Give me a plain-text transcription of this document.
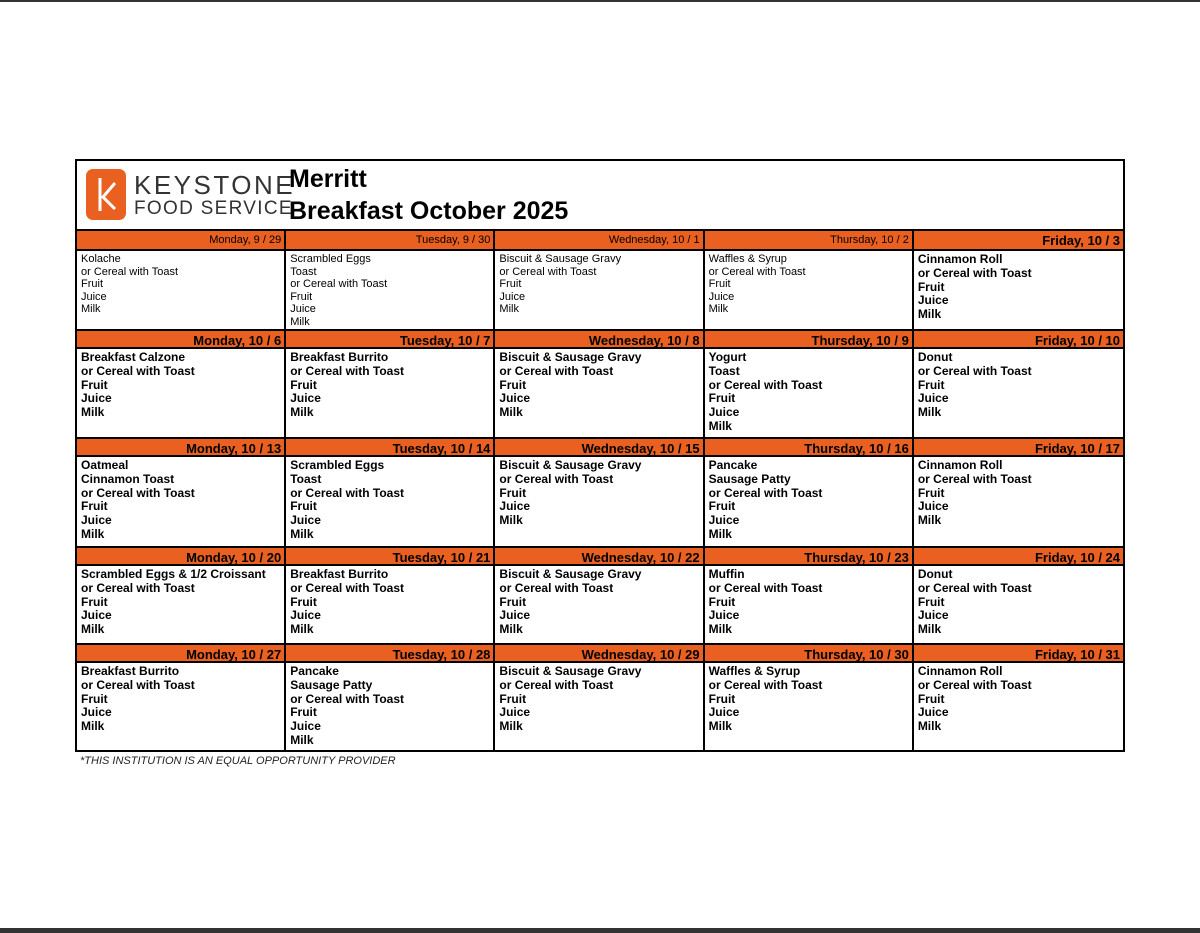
KEYSTONE
FOOD SERVICE
Merritt
Breakfast October 2025
Monday, 9 / 29
Kolache
or Cereal with Toast
Fruit
Juice
Milk
Tuesday, 9 / 30
Scrambled Eggs
Toast
or Cereal with Toast
Fruit
Juice
Milk
Wednesday, 10 / 1
Biscuit & Sausage Gravy
or Cereal with Toast
Fruit
Juice
Milk
Thursday, 10 / 2
Waffles & Syrup
or Cereal with Toast
Fruit
Juice
Milk
Friday, 10 / 3
Cinnamon Roll
or Cereal with Toast
Fruit
Juice
Milk
Monday, 10 / 6
Breakfast Calzone
or Cereal with Toast
Fruit
Juice
Milk
Tuesday, 10 / 7
Breakfast Burrito
or Cereal with Toast
Fruit
Juice
Milk
Wednesday, 10 / 8
Biscuit & Sausage Gravy
or Cereal with Toast
Fruit
Juice
Milk
Thursday, 10 / 9
Yogurt
Toast
or Cereal with Toast
Fruit
Juice
Milk
Friday, 10 / 10
Donut
or Cereal with Toast
Fruit
Juice
Milk
Monday, 10 / 13
Oatmeal
Cinnamon Toast
or Cereal with Toast
Fruit
Juice
Milk
Tuesday, 10 / 14
Scrambled Eggs
Toast
or Cereal with Toast
Fruit
Juice
Milk
Wednesday, 10 / 15
Biscuit & Sausage Gravy
or Cereal with Toast
Fruit
Juice
Milk
Thursday, 10 / 16
Pancake
Sausage Patty
or Cereal with Toast
Fruit
Juice
Milk
Friday, 10 / 17
Cinnamon Roll
or Cereal with Toast
Fruit
Juice
Milk
Monday, 10 / 20
Scrambled Eggs & 1/2 Croissant
or Cereal with Toast
Fruit
Juice
Milk
Tuesday, 10 / 21
Breakfast Burrito
or Cereal with Toast
Fruit
Juice
Milk
Wednesday, 10 / 22
Biscuit & Sausage Gravy
or Cereal with Toast
Fruit
Juice
Milk
Thursday, 10 / 23
Muffin
or Cereal with Toast
Fruit
Juice
Milk
Friday, 10 / 24
Donut
or Cereal with Toast
Fruit
Juice
Milk
Monday, 10 / 27
Breakfast Burrito
or Cereal with Toast
Fruit
Juice
Milk
Tuesday, 10 / 28
Pancake
Sausage Patty
or Cereal with Toast
Fruit
Juice
Milk
Wednesday, 10 / 29
Biscuit & Sausage Gravy
or Cereal with Toast
Fruit
Juice
Milk
Thursday, 10 / 30
Waffles & Syrup
or Cereal with Toast
Fruit
Juice
Milk
Friday, 10 / 31
Cinnamon Roll
or Cereal with Toast
Fruit
Juice
Milk
*THIS INSTITUTION IS AN EQUAL OPPORTUNITY PROVIDER
